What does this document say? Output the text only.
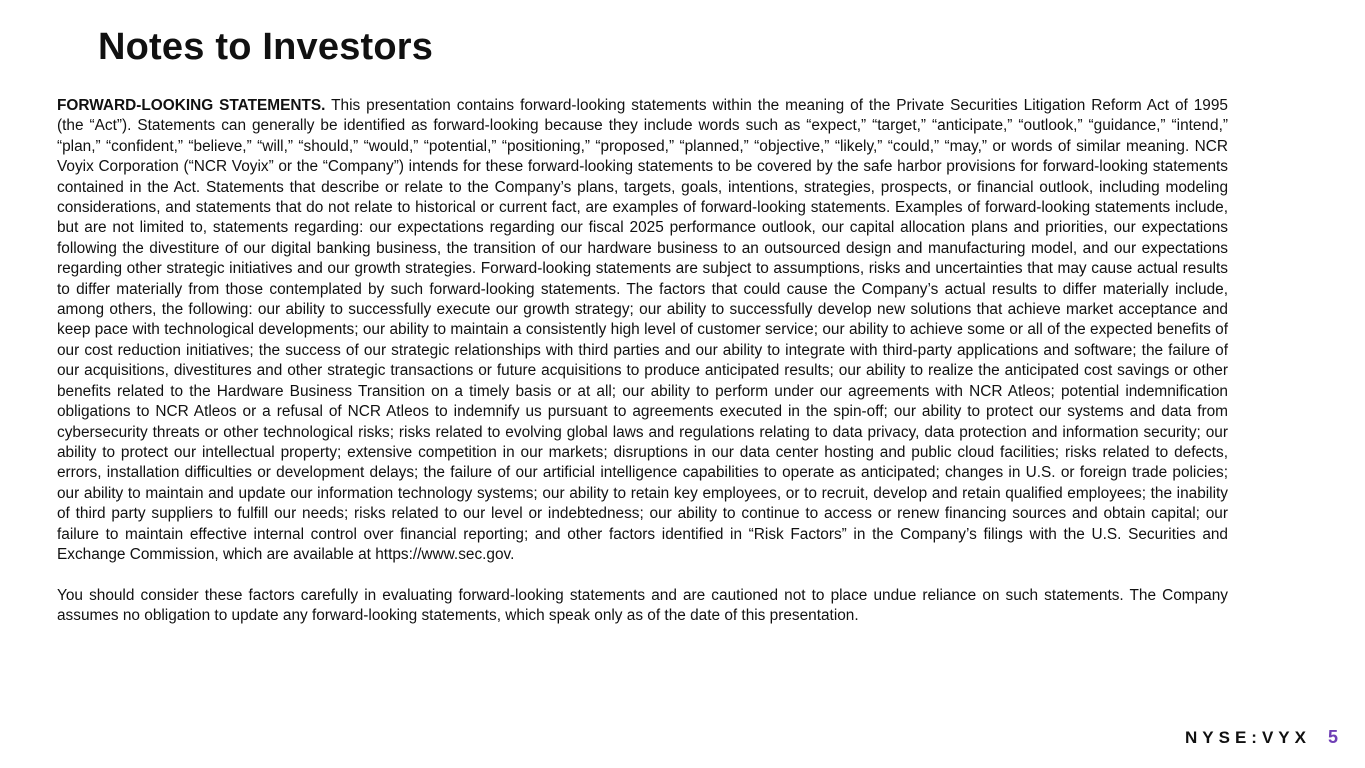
Notes to Investors

FORWARD-LOOKING STATEMENTS. This presentation contains forward-looking statements within the meaning of the Private Securities Litigation Reform Act of 1995 (the “Act”). Statements can generally be identified as forward-looking because they include words such as “expect,” “target,” “anticipate,” “outlook,” “guidance,” “intend,” “plan,” “confident,” “believe,” “will,” “should,” “would,” “potential,” “positioning,” “proposed,” “planned,” “objective,” “likely,” “could,” “may,” or words of similar meaning. NCR Voyix Corporation (“NCR Voyix” or the “Company”) intends for these forward-looking statements to be covered by the safe harbor provisions for forward-looking statements contained in the Act. Statements that describe or relate to the Company’s plans, targets, goals, intentions, strategies, prospects, or financial outlook, including modeling considerations, and statements that do not relate to historical or current fact, are examples of forward-looking statements. Examples of forward-looking statements include, but are not limited to, statements regarding: our expectations regarding our fiscal 2025 performance outlook, our capital allocation plans and priorities, our expectations following the divestiture of our digital banking business, the transition of our hardware business to an outsourced design and manufacturing model, and our expectations regarding other strategic initiatives and our growth strategies. Forward-looking statements are subject to assumptions, risks and uncertainties that may cause actual results to differ materially from those contemplated by such forward-looking statements. The factors that could cause the Company’s actual results to differ materially include, among others, the following: our ability to successfully execute our growth strategy; our ability to successfully develop new solutions that achieve market acceptance and keep pace with technological developments; our ability to maintain a consistently high level of customer service; our ability to achieve some or all of the expected benefits of our cost reduction initiatives; the success of our strategic relationships with third parties and our ability to integrate with third-party applications and software; the failure of our acquisitions, divestitures and other strategic transactions or future acquisitions to produce anticipated results; our ability to realize the anticipated cost savings or other benefits related to the Hardware Business Transition on a timely basis or at all; our ability to perform under our agreements with NCR Atleos; potential indemnification obligations to NCR Atleos or a refusal of NCR Atleos to indemnify us pursuant to agreements executed in the spin-off; our ability to protect our systems and data from cybersecurity threats or other technological risks; risks related to evolving global laws and regulations relating to data privacy, data protection and information security; our ability to protect our intellectual property; extensive competition in our markets; disruptions in our data center hosting and public cloud facilities; risks related to defects, errors, installation difficulties or development delays; the failure of our artificial intelligence capabilities to operate as anticipated; changes in U.S. or foreign trade policies; our ability to maintain and update our information technology systems; our ability to retain key employees, or to recruit, develop and retain qualified employees; the inability of third party suppliers to fulfill our needs; risks related to our level or indebtedness; our ability to continue to access or renew financing sources and obtain capital; our failure to maintain effective internal control over financial reporting; and other factors identified in “Risk Factors” in the Company’s filings with the U.S. Securities and Exchange Commission, which are available at https://www.sec.gov.

You should consider these factors carefully in evaluating forward-looking statements and are cautioned not to place undue reliance on such statements. The Company assumes no obligation to update any forward-looking statements, which speak only as of the date of this presentation.

NYSE:VYX 5
